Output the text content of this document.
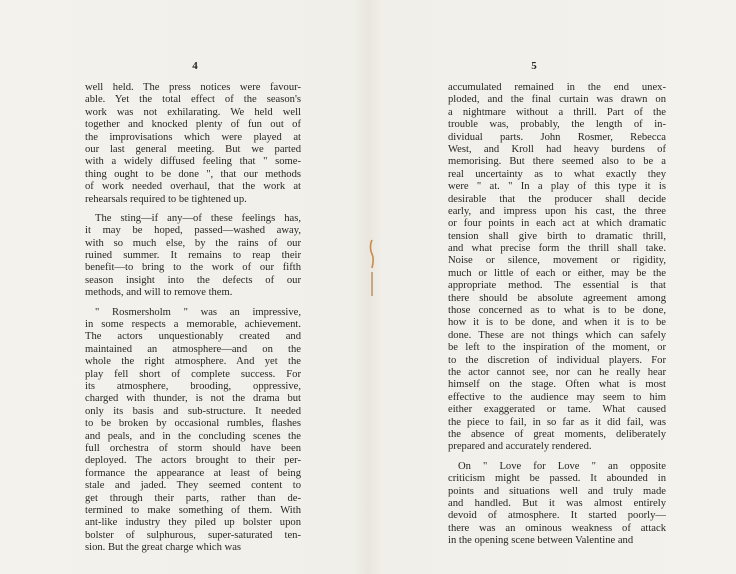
4
well held. The press notices were favour-
able. Yet the total effect of the season's
work was not exhilarating. We held well
together and knocked plenty of fun out of
the improvisations which were played at
our last general meeting. But we parted
with a widely diffused feeling that " some-
thing ought to be done ", that our methods
of work needed overhaul, that the work at
rehearsals required to be tightened up.
The sting—if any—of these feelings has,
it may be hoped, passed—washed away,
with so much else, by the rains of our
ruined summer. It remains to reap their
benefit—to bring to the work of our fifth
season insight into the defects of our
methods, and will to remove them.
" Rosmersholm " was an impressive,
in some respects a memorable, achievement.
The actors unquestionably created and
maintained an atmosphere—and on the
whole the right atmosphere. And yet the
play fell short of complete success. For
its atmosphere, brooding, oppressive,
charged with thunder, is not the drama but
only its basis and sub-structure. It needed
to be broken by occasional rumbles, flashes
and peals, and in the concluding scenes the
full orchestra of storm should have been
deployed. The actors brought to their per-
formance the appearance at least of being
stale and jaded. They seemed content to
get through their parts, rather than de-
termined to make something of them. With
ant-like industry they piled up bolster upon
bolster of sulphurous, super-saturated ten-
sion. But the great charge which was
5
accumulated remained in the end unex-
ploded, and the final curtain was drawn on
a nightmare without a thrill. Part of the
trouble was, probably, the length of in-
dividual parts. John Rosmer, Rebecca
West, and Kroll had heavy burdens of
memorising. But there seemed also to be a
real uncertainty as to what exactly they
were " at. " In a play of this type it is
desirable that the producer shall decide
early, and impress upon his cast, the three
or four points in each act at which dramatic
tension shall give birth to dramatic thrill,
and what precise form the thrill shall take.
Noise or silence, movement or rigidity,
much or little of each or either, may be the
appropriate method. The essential is that
there should be absolute agreement among
those concerned as to what is to be done,
how it is to be done, and when it is to be
done. These are not things which can safely
be left to the inspiration of the moment, or
to the discretion of individual players. For
the actor cannot see, nor can he really hear
himself on the stage. Often what is most
effective to the audience may seem to him
either exaggerated or tame. What caused
the piece to fail, in so far as it did fail, was
the absence of great moments, deliberately
prepared and accurately rendered.
On " Love for Love " an opposite
criticism might be passed. It abounded in
points and situations well and truly made
and handled. But it was almost entirely
devoid of atmosphere. It started poorly—
there was an ominous weakness of attack
in the opening scene between Valentine and
